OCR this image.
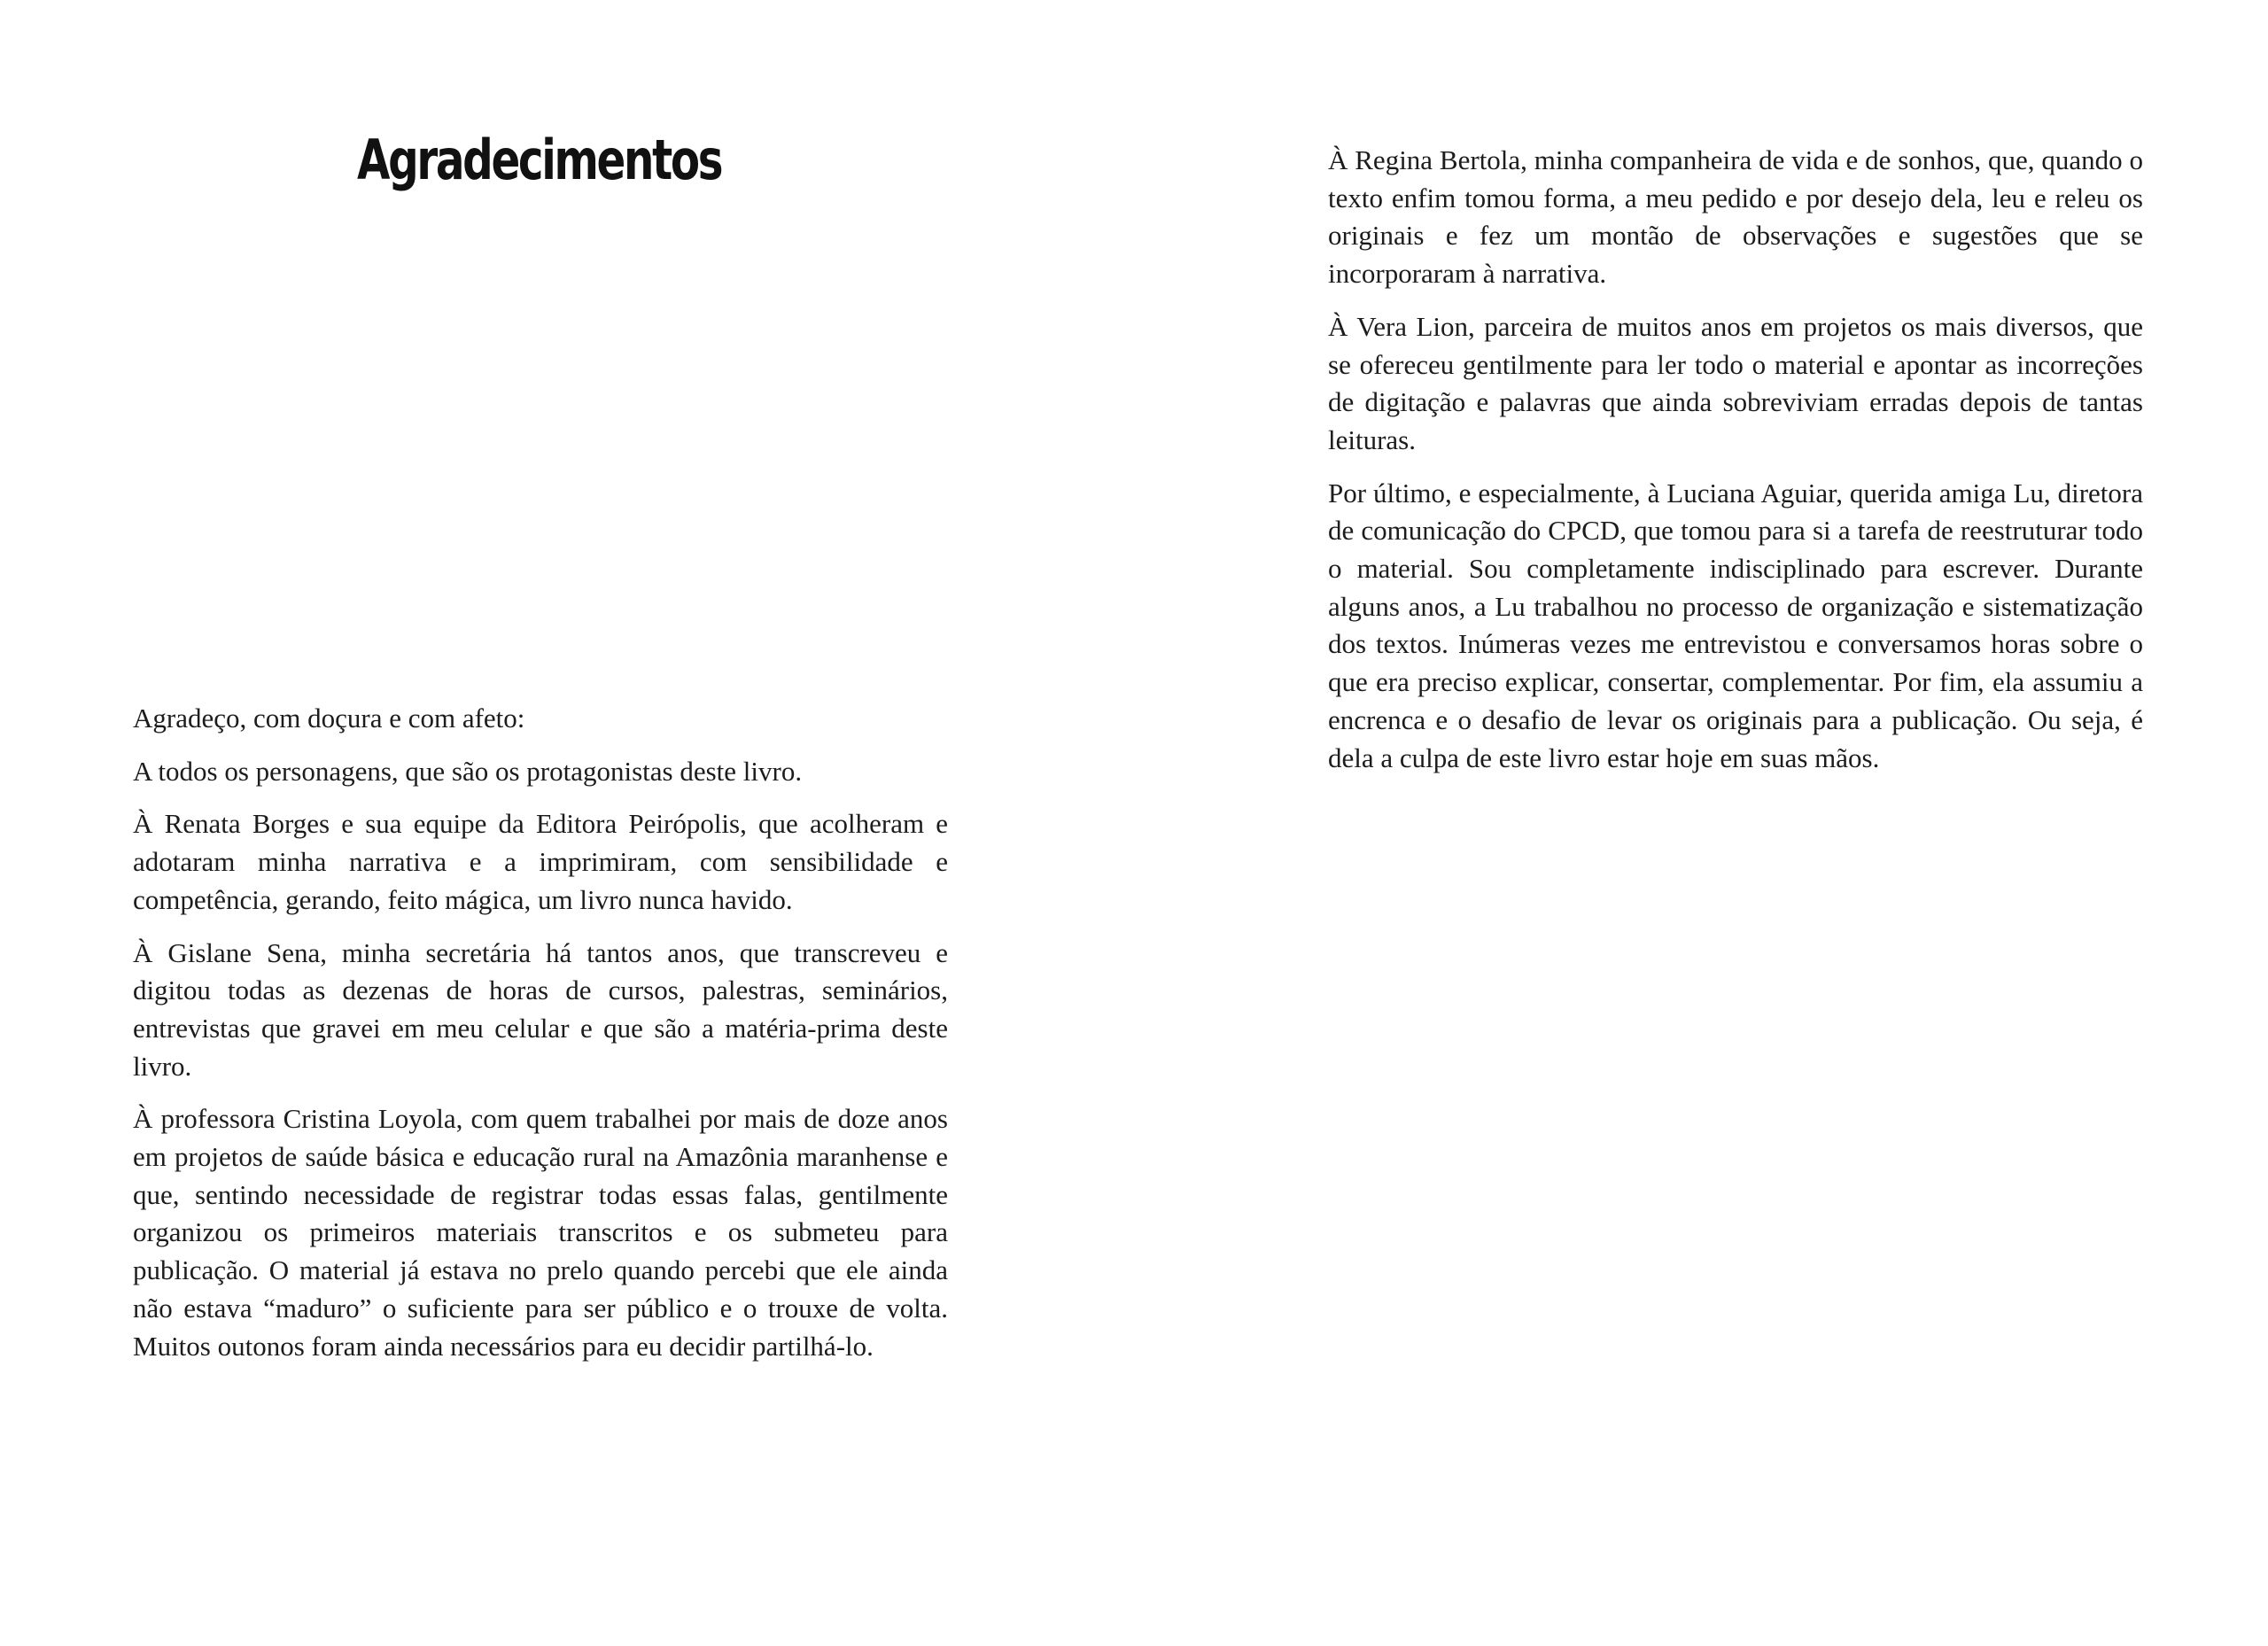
Agradecimentos

Agradeço, com doçura e com afeto:

A todos os personagens, que são os protagonistas deste livro.

À Renata Borges e sua equipe da Editora Peirópolis, que acolheram e adotaram minha narrativa e a imprimiram, com sensibilidade e competência, gerando, feito mágica, um livro nunca havido.

À Gislane Sena, minha secretária há tantos anos, que transcreveu e digitou todas as dezenas de horas de cursos, palestras, seminários, entrevistas que gravei em meu celular e que são a matéria-prima deste livro.

À professora Cristina Loyola, com quem trabalhei por mais de doze anos em projetos de saúde básica e educação rural na Amazônia maranhense e que, sentindo necessidade de registrar todas essas falas, gentilmente organizou os primeiros materiais transcritos e os submeteu para publicação. O material já estava no prelo quando percebi que ele ainda não estava “maduro” o suficiente para ser público e o trouxe de volta. Muitos outonos foram ainda necessários para eu decidir partilhá-lo.

À Regina Bertola, minha companheira de vida e de sonhos, que, quando o texto enfim tomou forma, a meu pedido e por desejo dela, leu e releu os originais e fez um montão de observações e sugestões que se incorporaram à narrativa.

À Vera Lion, parceira de muitos anos em projetos os mais diversos, que se ofereceu gentilmente para ler todo o material e apontar as incorreções de digitação e palavras que ainda sobreviviam erradas depois de tantas leituras.

Por último, e especialmente, à Luciana Aguiar, querida amiga Lu, diretora de comunicação do CPCD, que tomou para si a tarefa de reestruturar todo o material. Sou completamente indisciplinado para escrever. Durante alguns anos, a Lu trabalhou no processo de organização e sistematização dos textos. Inúmeras vezes me entrevistou e conversamos horas sobre o que era preciso explicar, consertar, complementar. Por fim, ela assumiu a encrenca e o desafio de levar os originais para a publicação. Ou seja, é dela a culpa de este livro estar hoje em suas mãos.
